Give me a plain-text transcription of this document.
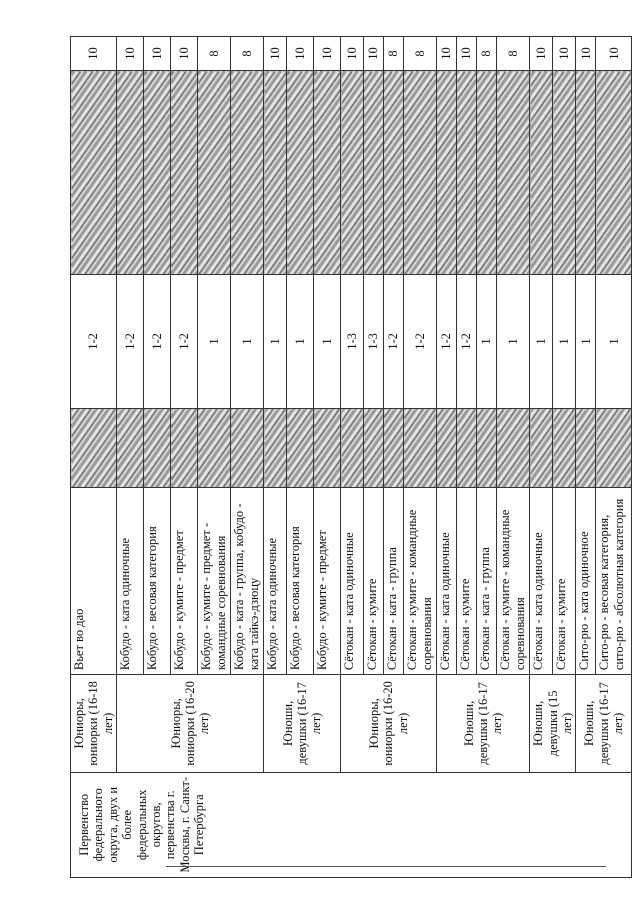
Первенство федерального округа, двух и более федеральных округов, первенства г. Москвы, г. Санкт-Петербурга	Юниоры, юниорки (16-18 лет)	Вьет во дао		1-2		10
	Юниоры, юниорки (16-20 лет)	Кобудо - ката одиночные		1-2		10
		Кобудо - весовая категория		1-2		10
		Кобудо - кумите - предмет		1-2		10
		Кобудо - кумите - предмет - командные соревнования		1		8
		Кобудо - ката - группа, кобудо - ката тайкэ-дзюцу		1		8
	Юноши, девушки (16-17 лет)	Кобудо - ката одиночные		1		10
		Кобудо - весовая категория		1		10
		Кобудо - кумите - предмет		1		10
	Юниоры, юниорки (16-20 лет)	Сётокан - ката одиночные		1-3		10
		Сётокан - кумите		1-3		10
		Сётокан - ката - группа		1-2		8
		Сётокан - кумите - командные соревнования		1-2		8
	Юноши, девушки (16-17 лет)	Сётокан - ката одиночные		1-2		10
		Сётокан - кумите		1-2		10
		Сётокан - ката - группа		1		8
		Сётокан - кумите - командные соревнования		1		8
	Юноши, девушки (15 лет)	Сётокан - ката одиночные		1		10
		Сётокан - кумите		1		10
	Юноши, девушки (16-17 лет)	Сито-рю - ката одиночное		1		10
		Сито-рю - весовая категория, сито-рю - абсолютная категория		1		10
